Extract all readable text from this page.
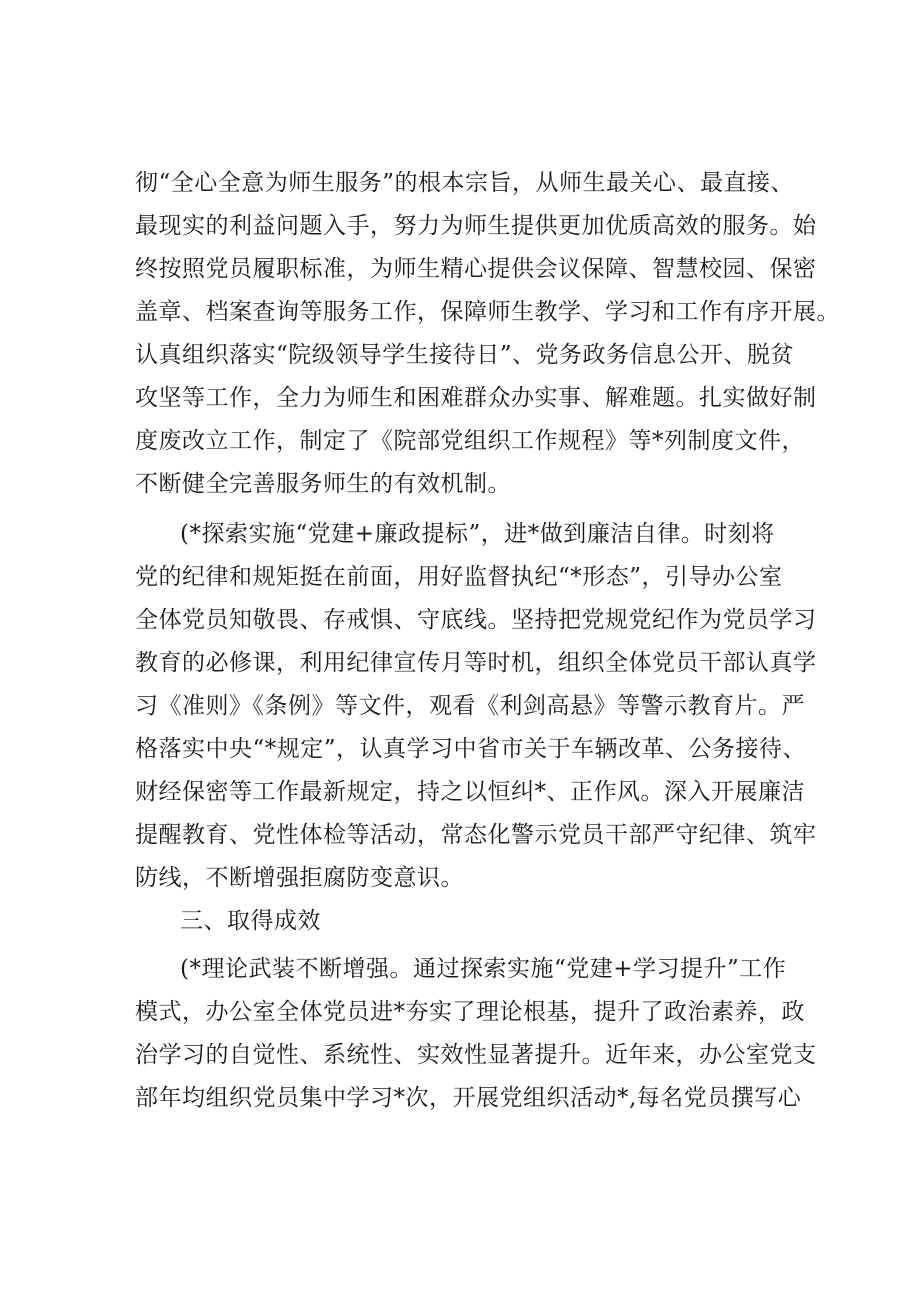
彻“全心全意为师生服务”的根本宗旨，从师生最关心、最直接、
最现实的利益问题入手，努力为师生提供更加优质高效的服务。始
终按照党员履职标准，为师生精心提供会议保障、智慧校园、保密
盖章、档案查询等服务工作，保障师生教学、学习和工作有序开展。
认真组织落实“院级领导学生接待日”、党务政务信息公开、脱贫
攻坚等工作，全力为师生和困难群众办实事、解难题。扎实做好制
度废改立工作，制定了《院部党组织工作规程》等*列制度文件，
不断健全完善服务师生的有效机制。
(*探索实施“党建+廉政提标”，进*做到廉洁自律。时刻将
党的纪律和规矩挺在前面，用好监督执纪“*形态”，引导办公室
全体党员知敬畏、存戒惧、守底线。坚持把党规党纪作为党员学习
教育的必修课，利用纪律宣传月等时机，组织全体党员干部认真学
习《准则》《条例》等文件，观看《利剑高悬》等警示教育片。严
格落实中央“*规定”，认真学习中省市关于车辆改革、公务接待、
财经保密等工作最新规定，持之以恒纠*、正作风。深入开展廉洁
提醒教育、党性体检等活动，常态化警示党员干部严守纪律、筑牢
防线，不断增强拒腐防变意识。
三、取得成效
(*理论武装不断增强。通过探索实施“党建+学习提升”工作
模式，办公室全体党员进*夯实了理论根基，提升了政治素养，政
治学习的自觉性、系统性、实效性显著提升。近年来，办公室党支
部年均组织党员集中学习*次，开展党组织活动*,每名党员撰写心
